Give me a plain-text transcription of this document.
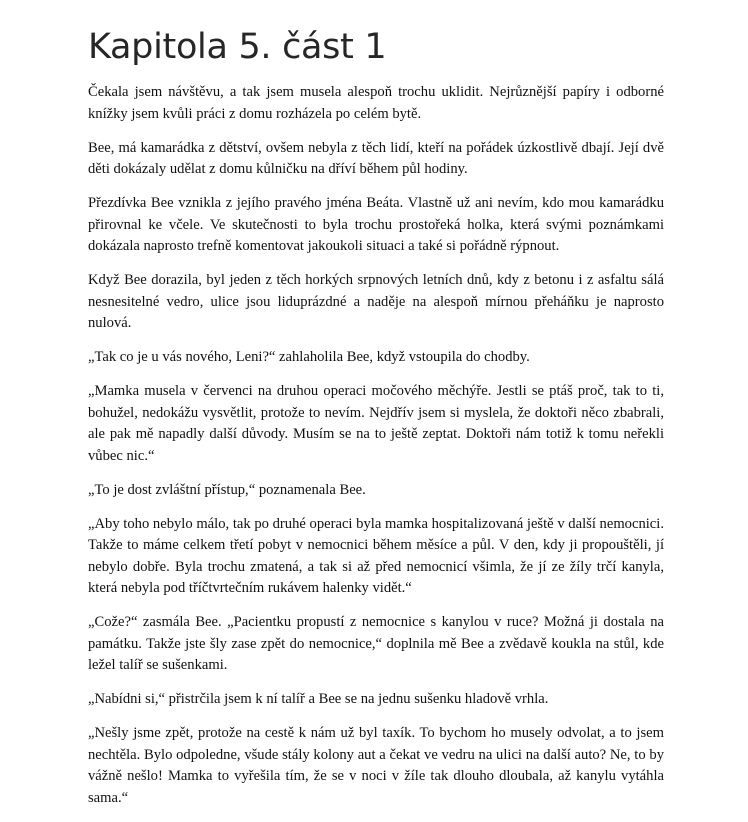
Kapitola 5. část 1

Čekala jsem návštěvu, a tak jsem musela alespoň trochu uklidit. Nejrůznější papíry i odborné knížky jsem kvůli práci z domu rozházela po celém bytě.

Bee, má kamarádka z dětství, ovšem nebyla z těch lidí, kteří na pořádek úzkostlivě dbají. Její dvě děti dokázaly udělat z domu kůlničku na dříví během půl hodiny.

Přezdívka Bee vznikla z jejího pravého jména Beáta. Vlastně už ani nevím, kdo mou kamarádku přirovnal ke včele. Ve skutečnosti to byla trochu prostořeká holka, která svými poznámkami dokázala naprosto trefně komentovat jakoukoli situaci a také si pořádně rýpnout.

Když Bee dorazila, byl jeden z těch horkých srpnových letních dnů, kdy z betonu i z asfaltu sálá nesnesitelné vedro, ulice jsou liduprázdné a naděje na alespoň mírnou přeháňku je naprosto nulová.

„Tak co je u vás nového, Leni?“ zahlaholila Bee, když vstoupila do chodby.

„Mamka musela v červenci na druhou operaci močového měchýře. Jestli se ptáš proč, tak to ti, bohužel, nedokážu vysvětlit, protože to nevím. Nejdřív jsem si myslela, že doktoři něco zbabrali, ale pak mě napadly další důvody. Musím se na to ještě zeptat. Doktoři nám totiž k tomu neřekli vůbec nic.“

„To je dost zvláštní přístup,“ poznamenala Bee.

„Aby toho nebylo málo, tak po druhé operaci byla mamka hospitalizovaná ještě v další nemocnici. Takže to máme celkem třetí pobyt v nemocnici během měsíce a půl. V den, kdy ji propouštěli, jí nebylo dobře. Byla trochu zmatená, a tak si až před nemocnicí všimla, že jí ze žíly trčí kanyla, která nebyla pod tříčtvrtečním rukávem halenky vidět.“

„Cože?“ zasmála Bee. „Pacientku propustí z nemocnice s kanylou v ruce? Možná ji dostala na památku. Takže jste šly zase zpět do nemocnice,“ doplnila mě Bee a zvědavě koukla na stůl, kde ležel talíř se sušenkami.

„Nabídni si,“ přistrčila jsem k ní talíř a Bee se na jednu sušenku hladově vrhla.

„Nešly jsme zpět, protože na cestě k nám už byl taxík. To bychom ho musely odvolat, a to jsem nechtěla. Bylo odpoledne, všude stály kolony aut a čekat ve vedru na ulici na další auto? Ne, to by vážně nešlo! Mamka to vyřešila tím, že se v noci v žíle tak dlouho dloubala, až kanylu vytáhla sama.“
